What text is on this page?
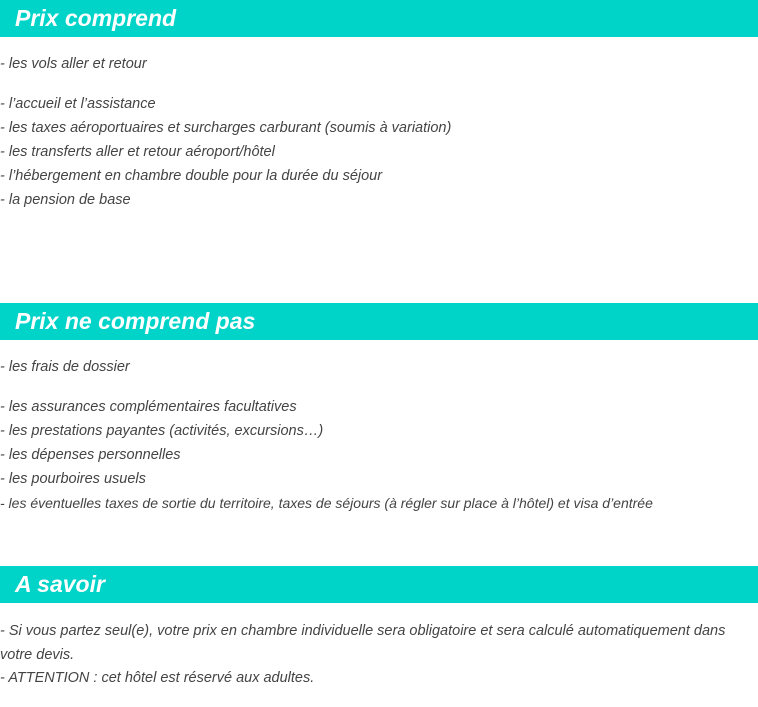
Prix comprend
- les vols aller et retour
- l’accueil et l’assistance
- les taxes aéroportuaires et surcharges carburant (soumis à variation)
- les transferts aller et retour aéroport/hôtel
- l’hébergement en chambre double pour la durée du séjour
- la pension de base
Prix ne comprend pas
- les frais de dossier
- les assurances complémentaires facultatives
- les prestations payantes (activités, excursions…)
- les dépenses personnelles
- les pourboires usuels
- les éventuelles taxes de sortie du territoire, taxes de séjours (à régler sur place à l’hôtel) et visa d’entrée
A savoir
- Si vous partez seul(e), votre prix en chambre individuelle sera obligatoire et sera calculé automatiquement dans votre devis.
- ATTENTION : cet hôtel est réservé aux adultes.
